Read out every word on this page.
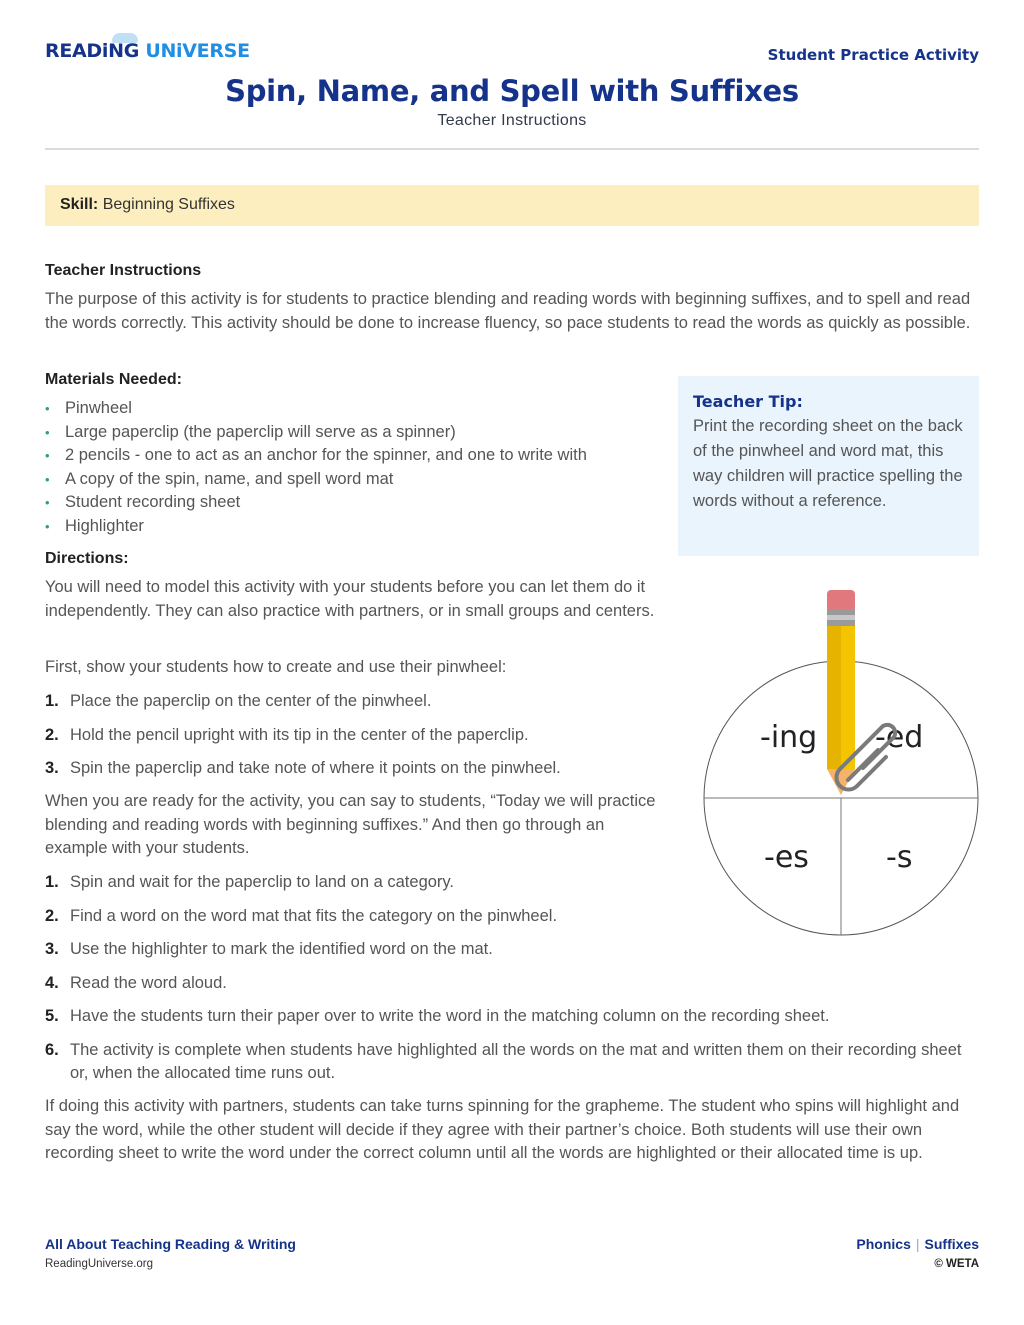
READiNG UNiVERSE	Student Practice Activity
Spin, Name, and Spell with Suffixes
Teacher Instructions
Skill: Beginning Suffixes
Teacher Instructions
The purpose of this activity is for students to practice blending and reading words with beginning suffixes, and to spell and read the words correctly. This activity should be done to increase fluency, so pace students to read the words as quickly as possible.
Materials Needed:
• Pinwheel
• Large paperclip (the paperclip will serve as a spinner)
• 2 pencils - one to act as an anchor for the spinner, and one to write with
• A copy of the spin, name, and spell word mat
• Student recording sheet
• Highlighter
Teacher Tip:
Print the recording sheet on the back of the pinwheel and word mat, this way children will practice spelling the words without a reference.
Directions:
You will need to model this activity with your students before you can let them do it independently. They can also practice with partners, or in small groups and centers.
First, show your students how to create and use their pinwheel:
1. Place the paperclip on the center of the pinwheel.
2. Hold the pencil upright with its tip in the center of the paperclip.
3. Spin the paperclip and take note of where it points on the pinwheel.
When you are ready for the activity, you can say to students, “Today we will practice blending and reading words with beginning suffixes.” And then go through an example with your students.
1. Spin and wait for the paperclip to land on a category.
2. Find a word on the word mat that fits the category on the pinwheel.
3. Use the highlighter to mark the identified word on the mat.
4. Read the word aloud.
5. Have the students turn their paper over to write the word in the matching column on the recording sheet.
6. The activity is complete when students have highlighted all the words on the mat and written them on their recording sheet or, when the allocated time runs out.
If doing this activity with partners, students can take turns spinning for the grapheme. The student who spins will highlight and say the word, while the other student will decide if they agree with their partner’s choice. Both students will use their own recording sheet to write the word under the correct column until all the words are highlighted or their allocated time is up.
-ing -ed
-es	-s
All About Teaching Reading & Writing
ReadingUniverse.org
Phonics | Suffixes
© WETA
